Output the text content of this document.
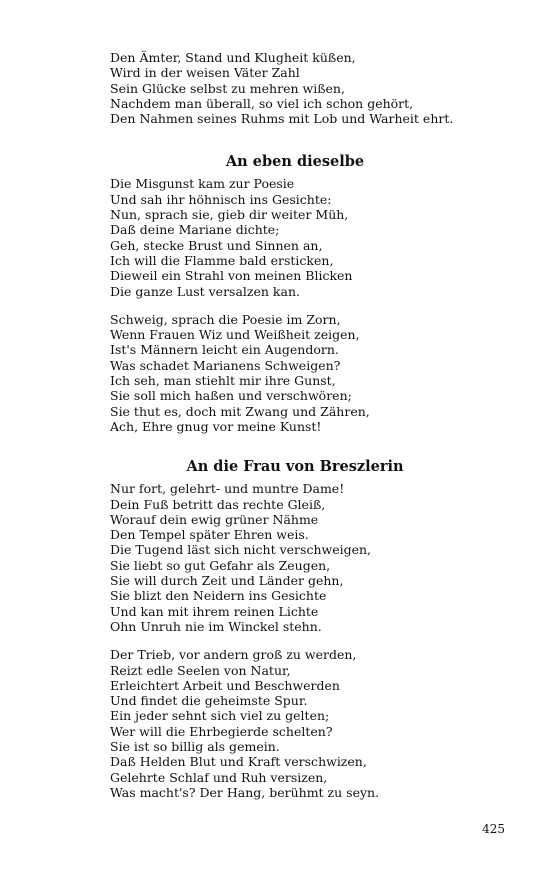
Den Ämter, Stand und Klugheit küßen,
Wird in der weisen Väter Zahl
Sein Glücke selbst zu mehren wißen,
Nachdem man überall, so viel ich schon gehört,
Den Nahmen seines Ruhms mit Lob und Warheit ehrt.
An eben dieselbe
Die Misgunst kam zur Poesie
Und sah ihr höhnisch ins Gesichte:
Nun, sprach sie, gieb dir weiter Müh,
Daß deine Mariane dichte;
Geh, stecke Brust und Sinnen an,
Ich will die Flamme bald ersticken,
Dieweil ein Strahl von meinen Blicken
Die ganze Lust versalzen kan.
Schweig, sprach die Poesie im Zorn,
Wenn Frauen Wiz und Weißheit zeigen,
Ist's Männern leicht ein Augendorn.
Was schadet Marianens Schweigen?
Ich seh, man stiehlt mir ihre Gunst,
Sie soll mich haßen und verschwören;
Sie thut es, doch mit Zwang und Zähren,
Ach, Ehre gnug vor meine Kunst!
An die Frau von Breszlerin
Nur fort, gelehrt- und muntre Dame!
Dein Fuß betritt das rechte Gleiß,
Worauf dein ewig grüner Nähme
Den Tempel später Ehren weis.
Die Tugend läst sich nicht verschweigen,
Sie liebt so gut Gefahr als Zeugen,
Sie will durch Zeit und Länder gehn,
Sie blizt den Neidern ins Gesichte
Und kan mit ihrem reinen Lichte
Ohn Unruh nie im Winckel stehn.
Der Trieb, vor andern groß zu werden,
Reizt edle Seelen von Natur,
Erleichtert Arbeit und Beschwerden
Und findet die geheimste Spur.
Ein jeder sehnt sich viel zu gelten;
Wer will die Ehrbegierde schelten?
Sie ist so billig als gemein.
Daß Helden Blut und Kraft verschwizen,
Gelehrte Schlaf und Ruh versizen,
Was macht's? Der Hang, berühmt zu seyn.
425
